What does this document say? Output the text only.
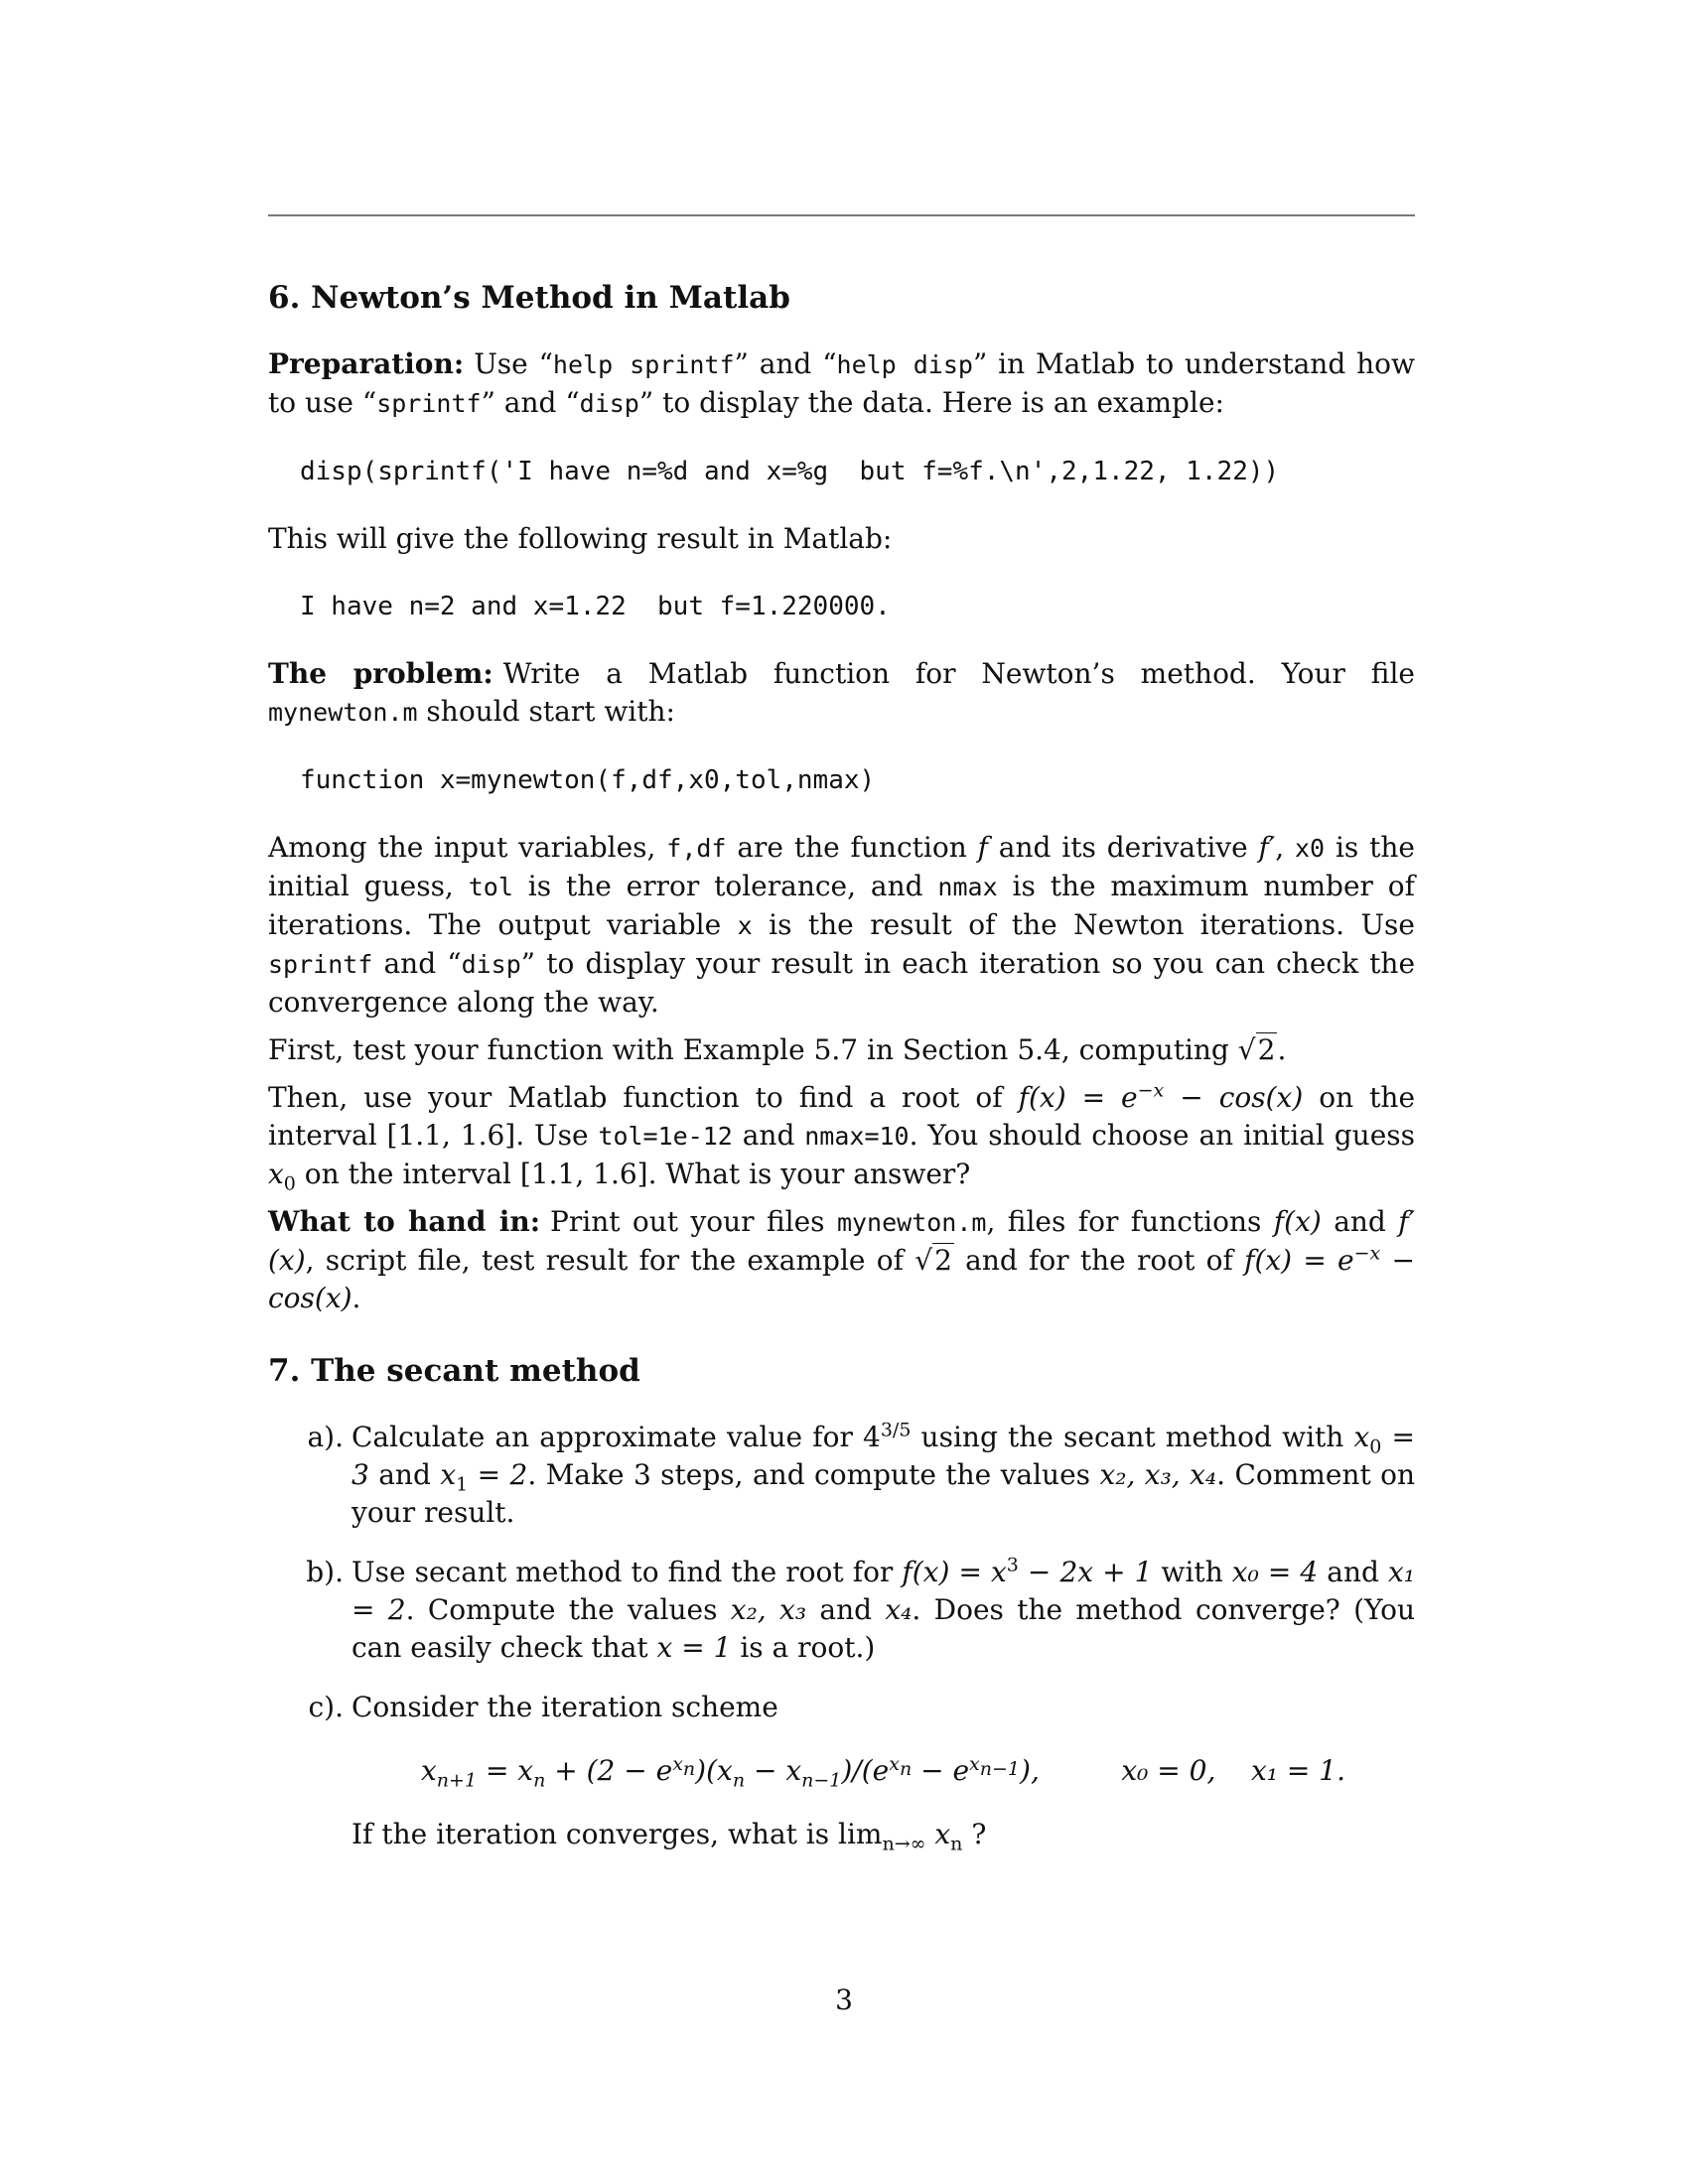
6. Newton’s Method in Matlab

Preparation: Use “help sprintf” and “help disp” in Matlab to understand how to use “sprintf” and “disp” to display the data. Here is an example:

disp(sprintf('I have n=%d and x=%g  but f=%f.\n',2,1.22, 1.22))

This will give the following result in Matlab:

I have n=2 and x=1.22  but f=1.220000.

The problem: Write a Matlab function for Newton’s method. Your file mynewton.m should start with:

function x=mynewton(f,df,x0,tol,nmax)

Among the input variables, f,df are the function f and its derivative f′, x0 is the initial guess, tol is the error tolerance, and nmax is the maximum number of iterations. The output variable x is the result of the Newton iterations. Use sprintf and “disp” to display your result in each iteration so you can check the convergence along the way.

First, test your function with Example 5.7 in Section 5.4, computing √2.

Then, use your Matlab function to find a root of $f(x) = e^{-x} - \cos(x)$ on the interval [1.1, 1.6]. Use tol=1e-12 and nmax=10. You should choose an initial guess $x_0$ on the interval [1.1, 1.6]. What is your answer?

What to hand in: Print out your files mynewton.m, files for functions f(x) and f′(x), script file, test result for the example of √2 and for the root of $f(x) = e^{-x} - \cos(x)$.

7. The secant method
a). Calculate an approximate value for $4^{3/5}$ using the secant method with $x_0 = 3$ and $x_1 = 2$. Make 3 steps, and compute the values x₂, x₃, x₄. Comment on your result.
b). Use secant method to find the root for $f(x) = x^3 - 2x + 1$ with x₀ = 4 and x₁ = 2. Compute the values x₂, x₃ and x₄. Does the method converge? (You can easily check that x = 1 is a root.)
c). Consider the iteration scheme
$x_{n+1} = x_n + (2 - e^{x_n})(x_n - x_{n-1})/(e^{x_n} - e^{x_{n-1}})$,	x₀ = 0, x₁ = 1.
If the iteration converges, what is $\lim_{n\to\infty} x_n$ ?
3
